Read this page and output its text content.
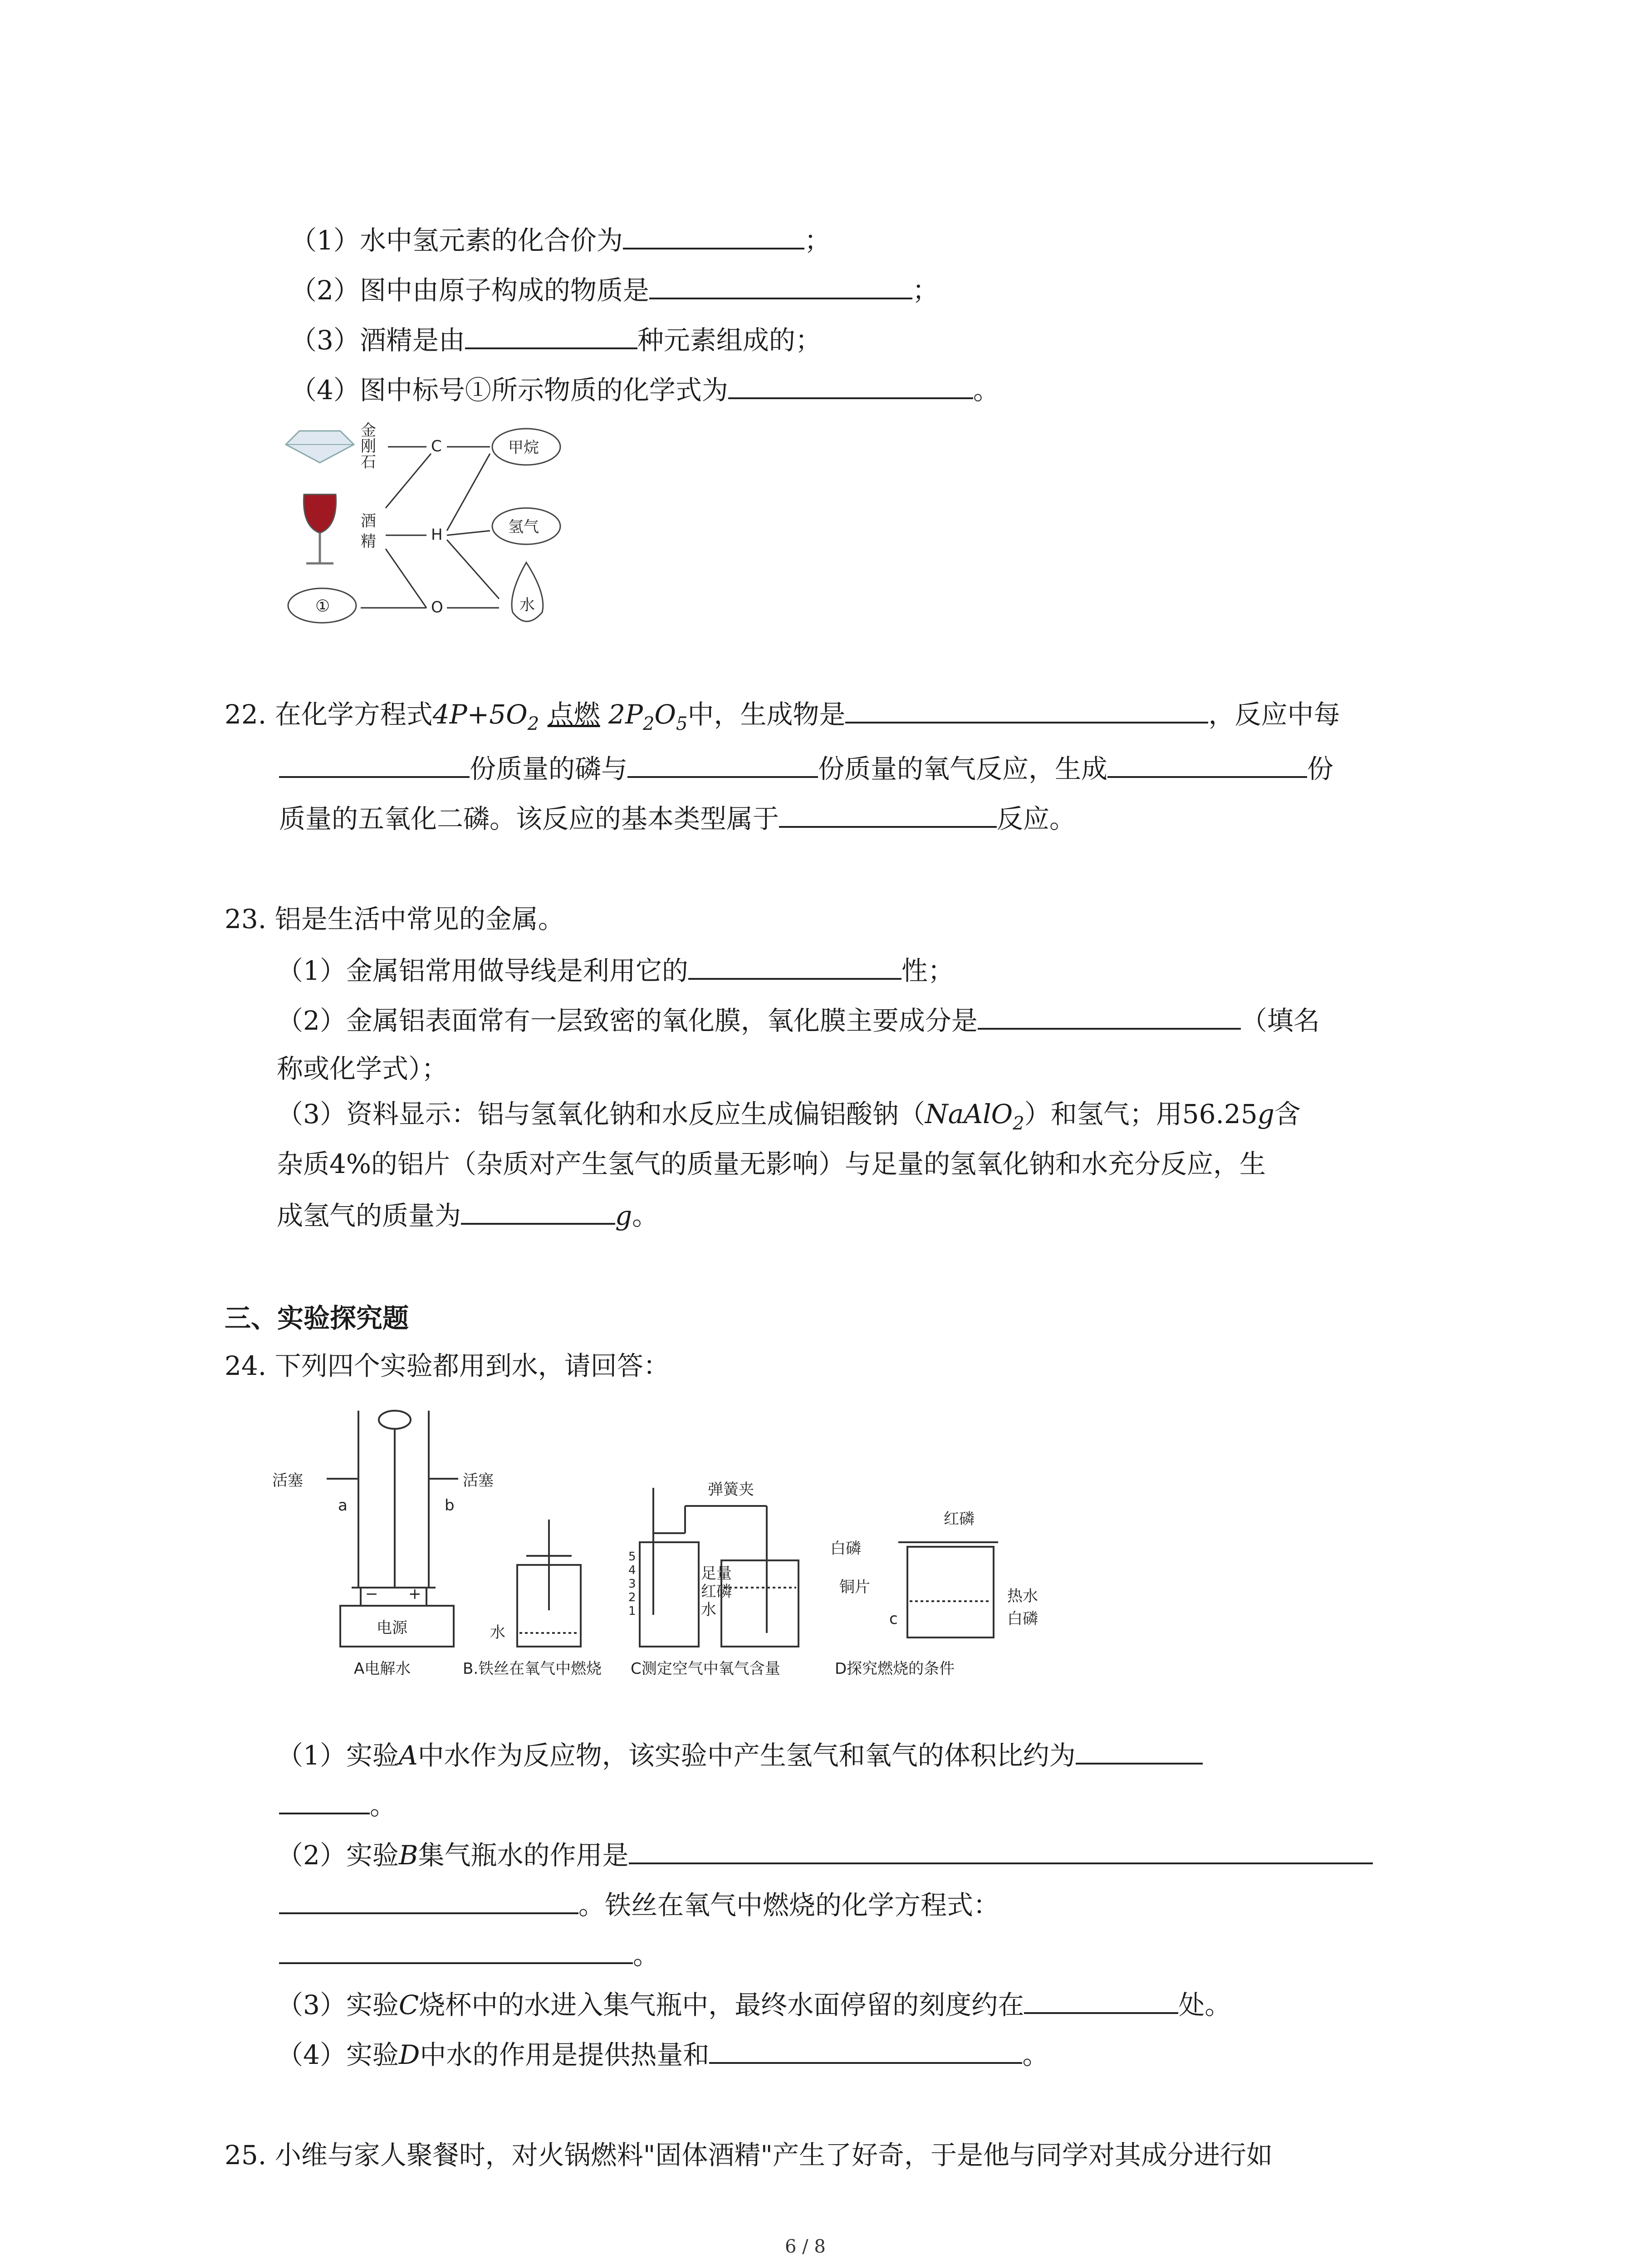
（1）水中氢元素的化合价为	；
（2）图中由原子构成的物质是	；
（3）酒精是由	种元素组成的；
（4）图中标号①所示物质的化学式为	。
金
刚
石
酒
精
①
C
H
O
甲烷
氢气
水
22. 在化学方程式$4P+5O_2$ 点燃 $2P_2O_5$中，生成物是	，反应中每
份质量的磷与	份质量的氧气反应，生成	份
质量的五氧化二磷。该反应的基本类型属于	反应。
23. 铝是生活中常见的金属。
（1）金属铝常用做导线是利用它的	性；
（2）金属铝表面常有一层致密的氧化膜，氧化膜主要成分是	（填名
称或化学式）；
（3）资料显示：铝与氢氧化钠和水反应生成偏铝酸钠（NaAlO$_2$）和氢气；用56.25g含
杂质4%的铝片（杂质对产生氢气的质量无影响）与足量的氢氧化钠和水充分反应，生
成氢气的质量为	g。
三、实验探究题
24. 下列四个实验都用到水，请回答：
活塞	活塞
a	b
− +
电源	水
弹簧夹
足量
红磷
水
白磷
红磷
铜片	热水
白磷
c
5
4
3
2
1
A电解水	B.铁丝在氧气中燃烧 C测定空气中氧气含量	D探究燃烧的条件
（1）实验A中水作为反应物，该实验中产生氢气和氧气的体积比约为
。
（2）实验B集气瓶水的作用是
。铁丝在氧气中燃烧的化学方程式：
。
（3）实验C烧杯中的水进入集气瓶中，最终水面停留的刻度约在	处。
（4）实验D中水的作用是提供热量和	。
25. 小维与家人聚餐时，对火锅燃料"固体酒精"产生了好奇，于是他与同学对其成分进行如
6 / 8
